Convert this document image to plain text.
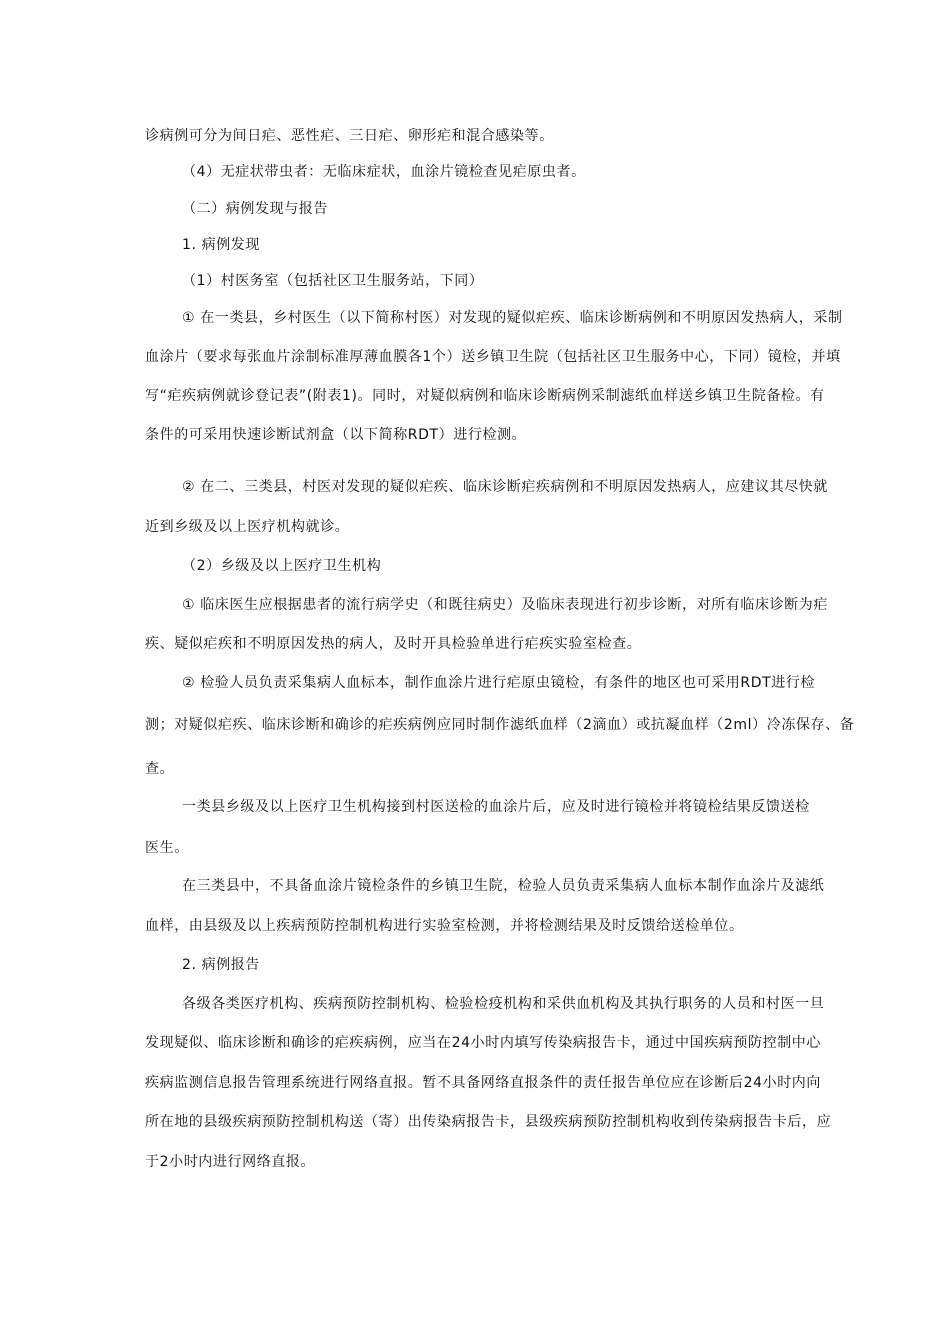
诊病例可分为间日疟、恶性疟、三日疟、卵形疟和混合感染等。
（4）无症状带虫者：无临床症状，血涂片镜检查见疟原虫者。
（二）病例发现与报告
1. 病例发现
（1）村医务室（包括社区卫生服务站，下同）
① 在一类县，乡村医生（以下简称村医）对发现的疑似疟疾、临床诊断病例和不明原因发热病人，采制
血涂片（要求每张血片涂制标准厚薄血膜各1个）送乡镇卫生院（包括社区卫生服务中心，下同）镜检，并填
写“疟疾病例就诊登记表”(附表1)。同时，对疑似病例和临床诊断病例采制滤纸血样送乡镇卫生院备检。有
条件的可采用快速诊断试剂盒（以下简称RDT）进行检测。
② 在二、三类县，村医对发现的疑似疟疾、临床诊断疟疾病例和不明原因发热病人，应建议其尽快就
近到乡级及以上医疗机构就诊。
（2）乡级及以上医疗卫生机构
① 临床医生应根据患者的流行病学史（和既往病史）及临床表现进行初步诊断，对所有临床诊断为疟
疾、疑似疟疾和不明原因发热的病人，及时开具检验单进行疟疾实验室检查。
② 检验人员负责采集病人血标本，制作血涂片进行疟原虫镜检，有条件的地区也可采用RDT进行检
测；对疑似疟疾、临床诊断和确诊的疟疾病例应同时制作滤纸血样（2滴血）或抗凝血样（2ml）冷冻保存、备
查。
一类县乡级及以上医疗卫生机构接到村医送检的血涂片后，应及时进行镜检并将镜检结果反馈送检
医生。
在三类县中，不具备血涂片镜检条件的乡镇卫生院，检验人员负责采集病人血标本制作血涂片及滤纸
血样，由县级及以上疾病预防控制机构进行实验室检测，并将检测结果及时反馈给送检单位。
2. 病例报告
各级各类医疗机构、疾病预防控制机构、检验检疫机构和采供血机构及其执行职务的人员和村医一旦
发现疑似、临床诊断和确诊的疟疾病例，应当在24小时内填写传染病报告卡，通过中国疾病预防控制中心
疾病监测信息报告管理系统进行网络直报。暂不具备网络直报条件的责任报告单位应在诊断后24小时内向
所在地的县级疾病预防控制机构送（寄）出传染病报告卡，县级疾病预防控制机构收到传染病报告卡后，应
于2小时内进行网络直报。
